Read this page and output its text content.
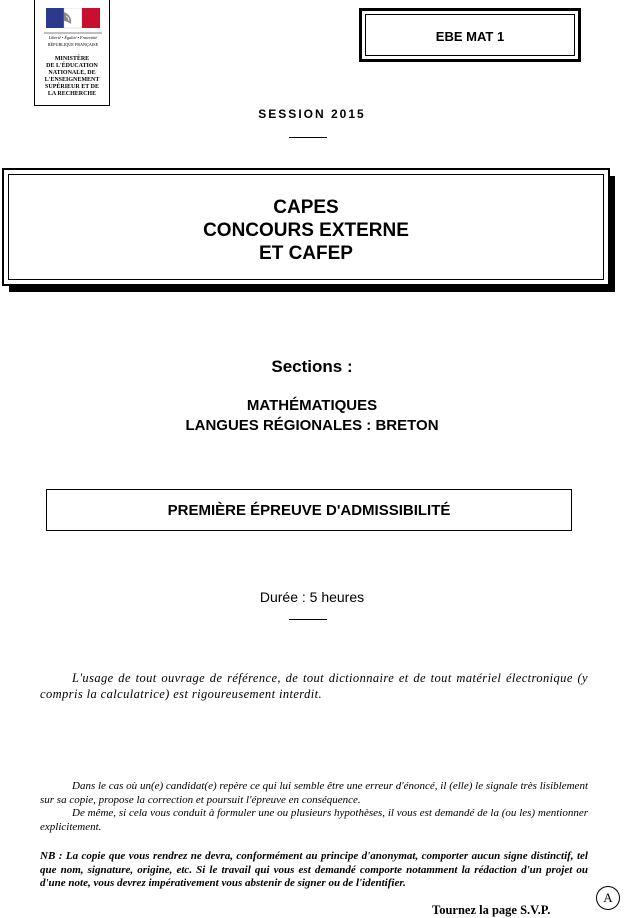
Liberté • Égalité • Fraternité
RÉPUBLIQUE FRANÇAISE
MINISTÈRE
DE L'ÉDUCATION
NATIONALE, DE
L'ENSEIGNEMENT
SUPÉRIEUR ET DE
LA RECHERCHE
EBE MAT 1
SESSION 2015
CAPES
CONCOURS EXTERNE
ET CAFEP
Sections :
MATHÉMATIQUES
LANGUES RÉGIONALES : BRETON
PREMIÈRE ÉPREUVE D'ADMISSIBILITÉ
Durée : 5 heures
L'usage de tout ouvrage de référence, de tout dictionnaire et de tout matériel électronique (y compris la calculatrice) est rigoureusement interdit.

Dans le cas où un(e) candidat(e) repère ce qui lui semble être une erreur d'énoncé, il (elle) le signale très lisiblement sur sa copie, propose la correction et poursuit l'épreuve en conséquence.

De même, si cela vous conduit à formuler une ou plusieurs hypothèses, il vous est demandé de la (ou les) mentionner explicitement.

NB : La copie que vous rendrez ne devra, conformément au principe d'anonymat, comporter aucun signe distinctif, tel que nom, signature, origine, etc. Si le travail qui vous est demandé comporte notamment la rédaction d'un projet ou d'une note, vous devrez impérativement vous abstenir de signer ou de l'identifier.
Tournez la page S.V.P.
A
